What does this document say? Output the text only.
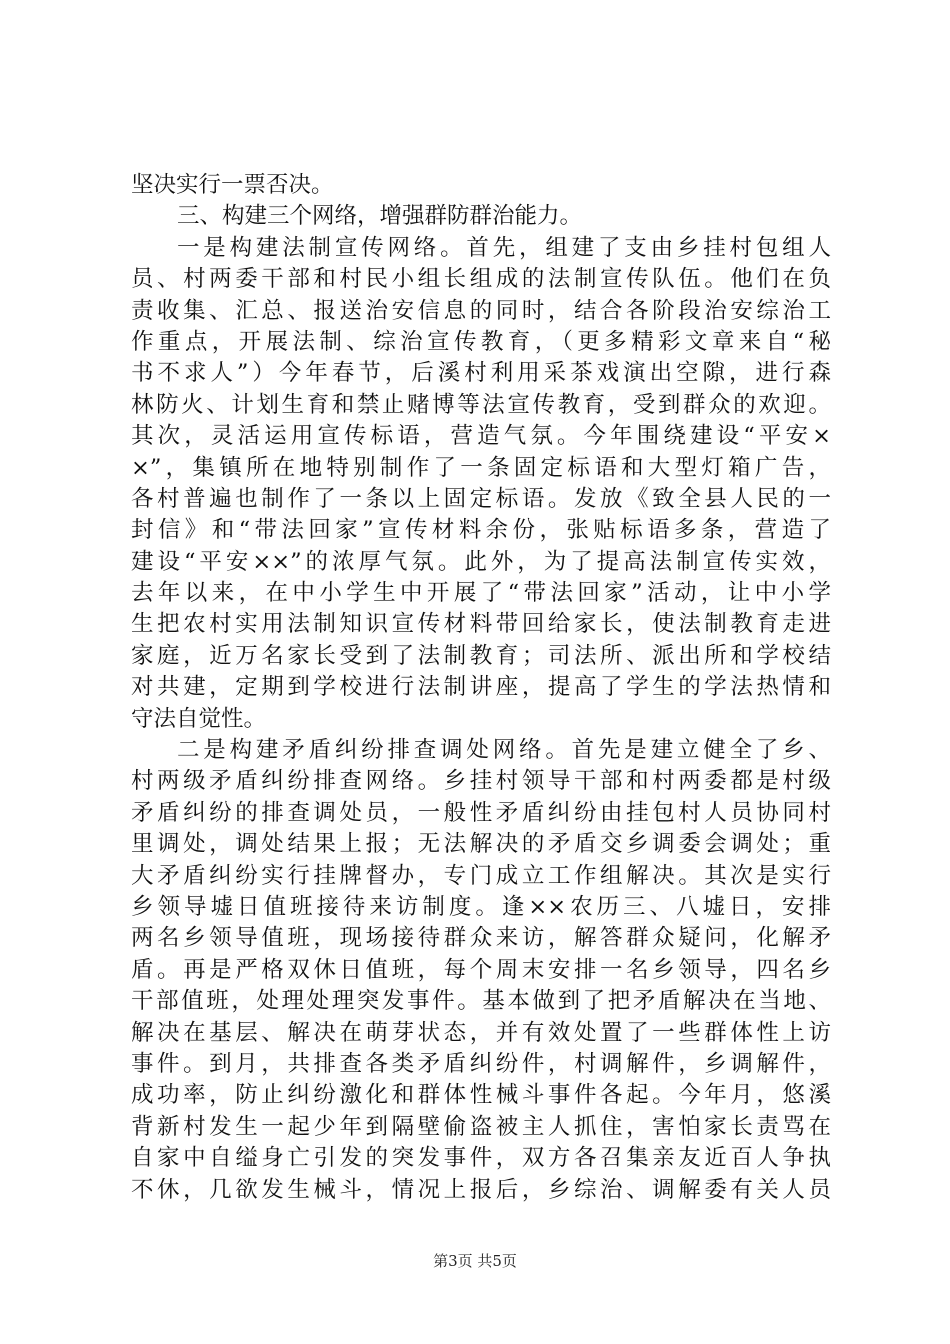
坚决实行一票否决。
三、构建三个网络，增强群防群治能力。
一是构建法制宣传网络。首先，组建了支由乡挂村包组人
员、村两委干部和村民小组长组成的法制宣传队伍。他们在负
责收集、汇总、报送治安信息的同时，结合各阶段治安综治工
作重点，开展法制、综治宣传教育，（更多精彩文章来自“秘
书不求人”）今年春节，后溪村利用采茶戏演出空隙，进行森
林防火、计划生育和禁止赌博等法宣传教育，受到群众的欢迎。
其次，灵活运用宣传标语，营造气氛。今年围绕建设“平安×
×”，集镇所在地特别制作了一条固定标语和大型灯箱广告，
各村普遍也制作了一条以上固定标语。发放《致全县人民的一
封信》和“带法回家”宣传材料余份，张贴标语多条，营造了
建设“平安××”的浓厚气氛。此外，为了提高法制宣传实效，
去年以来，在中小学生中开展了“带法回家”活动，让中小学
生把农村实用法制知识宣传材料带回给家长，使法制教育走进
家庭，近万名家长受到了法制教育；司法所、派出所和学校结
对共建，定期到学校进行法制讲座，提高了学生的学法热情和
守法自觉性。
二是构建矛盾纠纷排查调处网络。首先是建立健全了乡、
村两级矛盾纠纷排查网络。乡挂村领导干部和村两委都是村级
矛盾纠纷的排查调处员，一般性矛盾纠纷由挂包村人员协同村
里调处，调处结果上报；无法解决的矛盾交乡调委会调处；重
大矛盾纠纷实行挂牌督办，专门成立工作组解决。其次是实行
乡领导墟日值班接待来访制度。逢××农历三、八墟日，安排
两名乡领导值班，现场接待群众来访，解答群众疑问，化解矛
盾。再是严格双休日值班，每个周末安排一名乡领导，四名乡
干部值班，处理处理突发事件。基本做到了把矛盾解决在当地、
解决在基层、解决在萌芽状态，并有效处置了一些群体性上访
事件。到月，共排查各类矛盾纠纷件，村调解件，乡调解件，
成功率，防止纠纷激化和群体性械斗事件各起。今年月，悠溪
背新村发生一起少年到隔壁偷盗被主人抓住，害怕家长责骂在
自家中自缢身亡引发的突发事件，双方各召集亲友近百人争执
不休，几欲发生械斗，情况上报后，乡综治、调解委有关人员
第3页 共5页
